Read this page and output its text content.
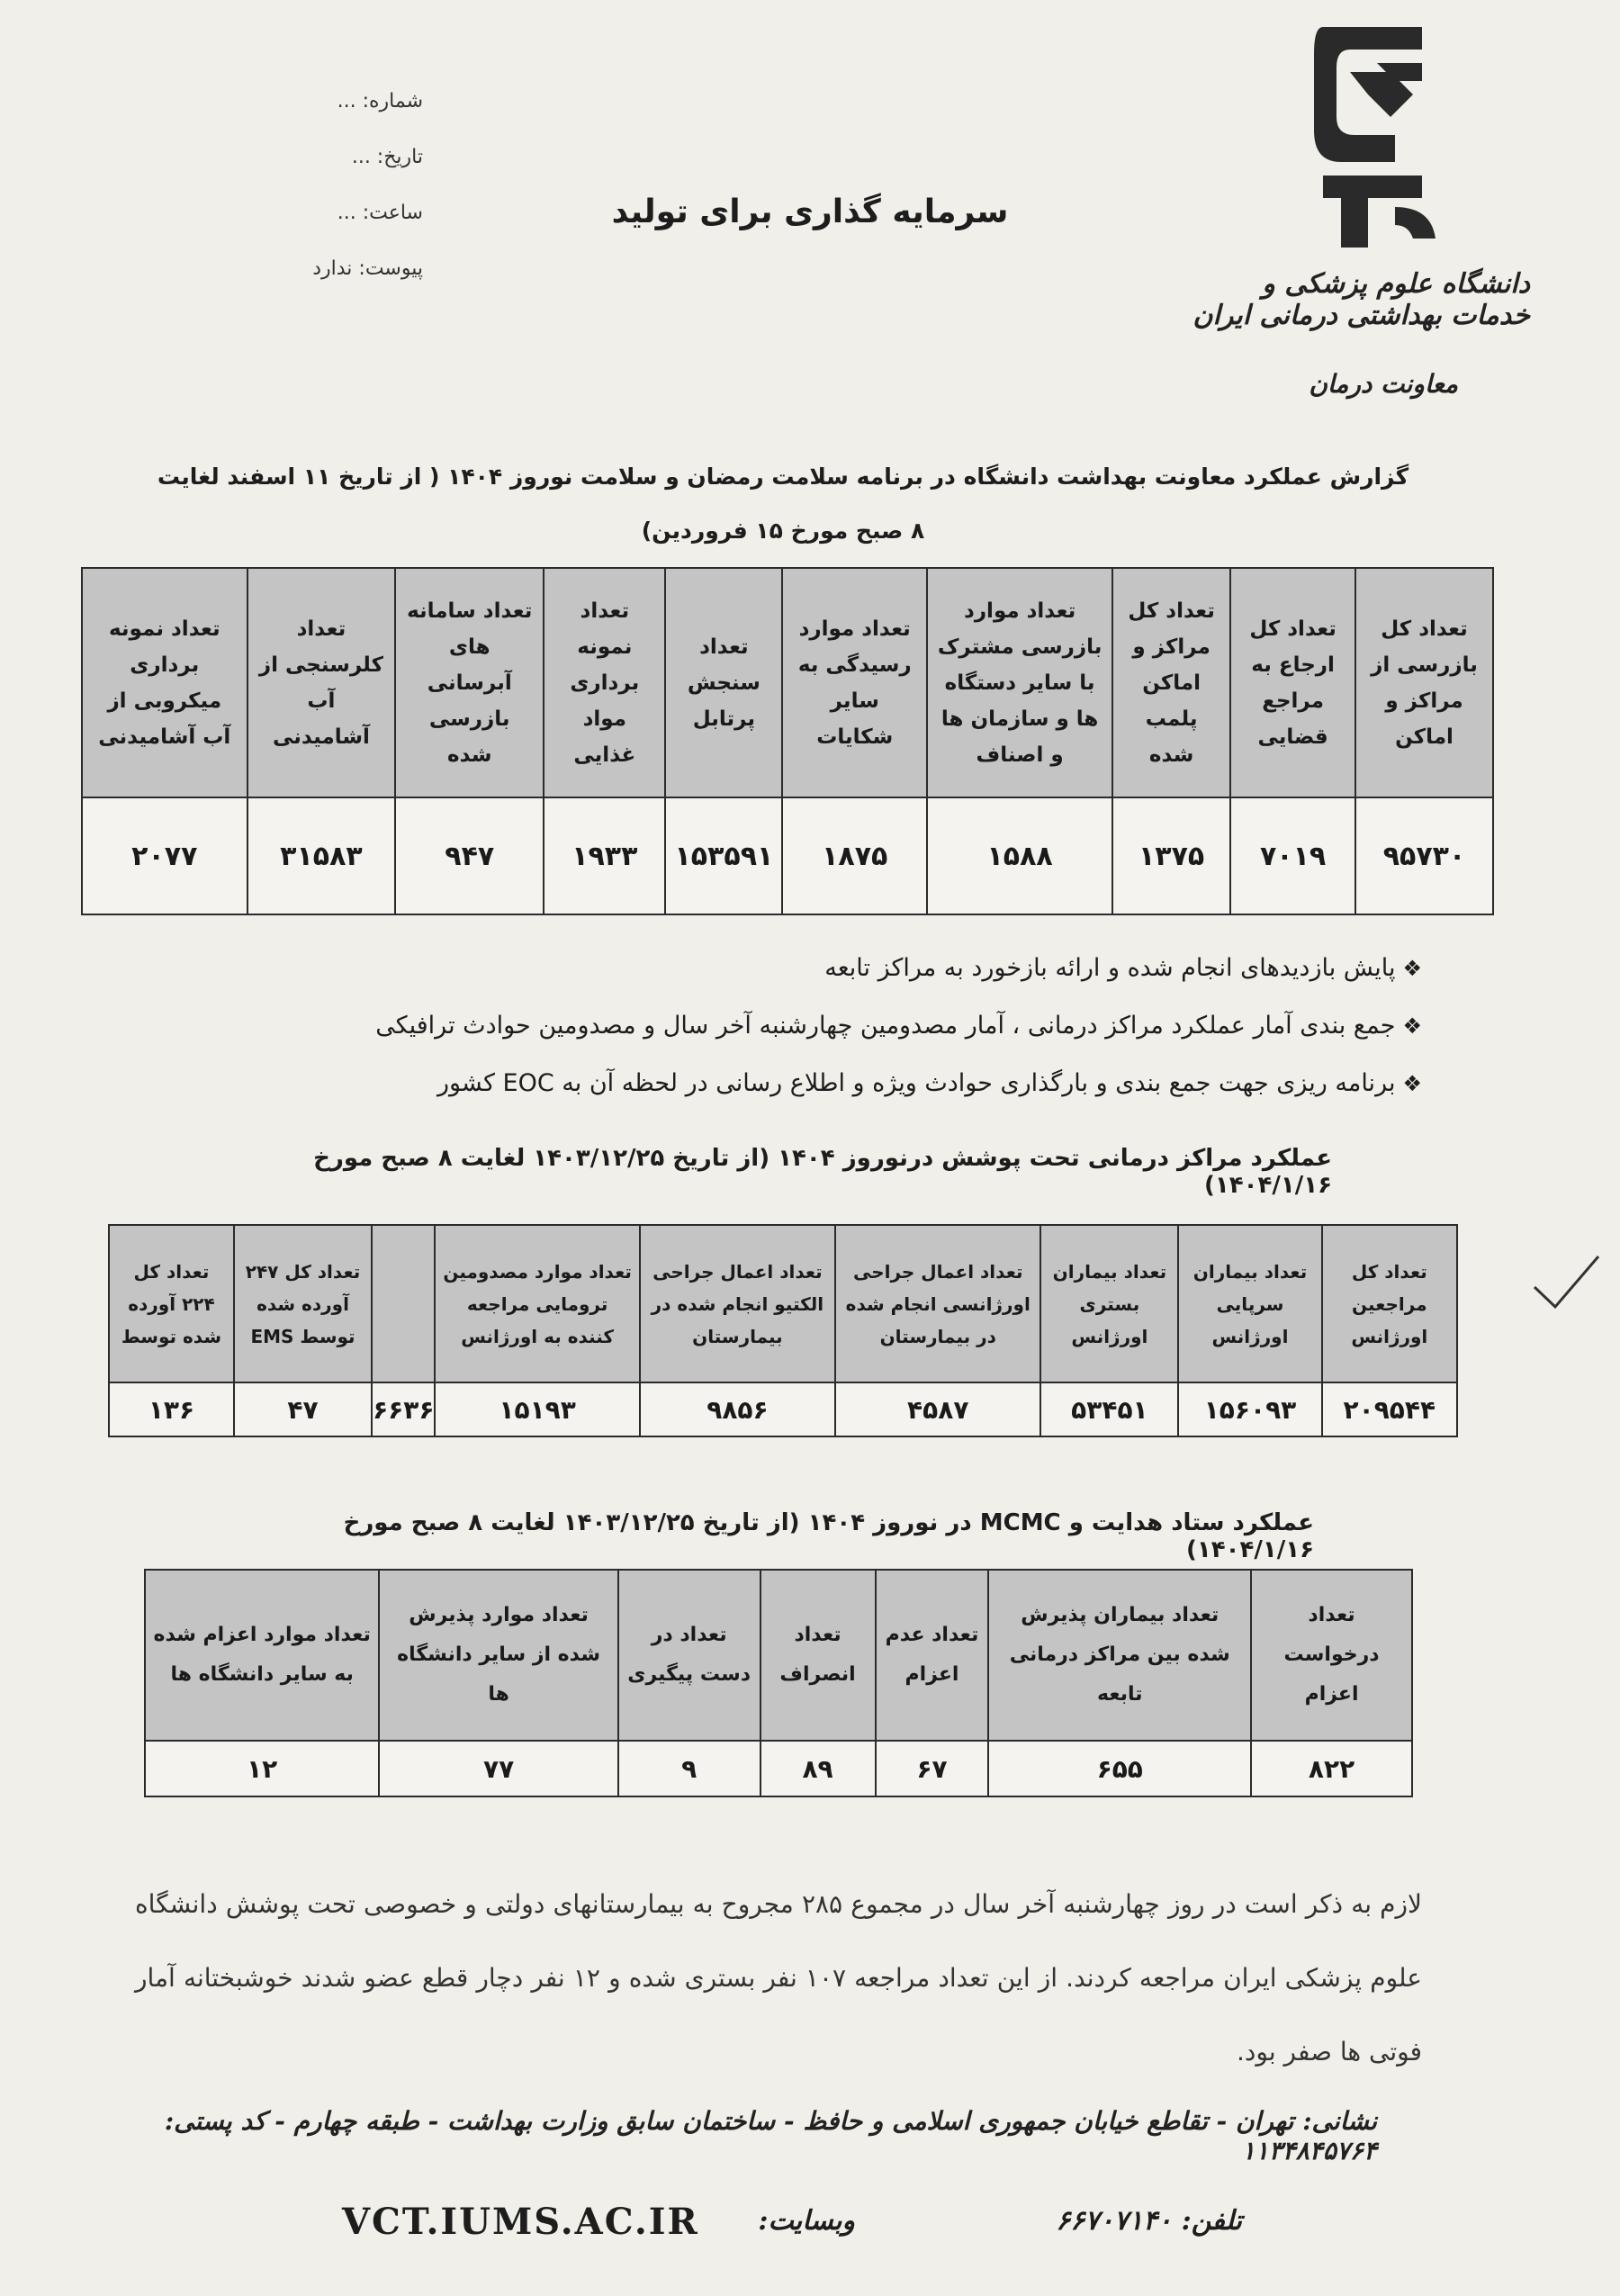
دانشگاه علوم پزشکی و خدمات بهداشتی درمانی ایران
معاونت درمان
شماره: ...
تاریخ: ...
ساعت: ...
پیوست: ندارد
سرمایه گذاری برای تولید
گزارش عملکرد معاونت بهداشت دانشگاه در برنامه سلامت رمضان و سلامت نوروز ۱۴۰۴ ( از تاریخ ۱۱ اسفند لغایت ۸ صبح مورخ ۱۵ فروردین)
تعداد کل بازرسی از مراکز و اماکن	تعداد کل ارجاع به مراجع قضایی	تعداد کل مراکز و اماکن پلمب شده	تعداد موارد بازرسی مشترک با سایر دستگاه ها و سازمان ها و اصناف	تعداد موارد رسیدگی به سایر شکایات	تعداد سنجش پرتابل	تعداد نمونه برداری مواد غذایی	تعداد سامانه های آبرسانی بازرسی شده	تعداد کلرسنجی از آب آشامیدنی	تعداد نمونه برداری میکروبی از آب آشامیدنی
۹۵۷۳۰	۷۰۱۹	۱۳۷۵	۱۵۸۸	۱۸۷۵	۱۵۳۵۹۱	۱۹۳۳	۹۴۷	۳۱۵۸۳	۲۰۷۷
❖پایش بازدیدهای انجام شده و ارائه بازخورد به مراکز تابعه
❖جمع بندی آمار عملکرد مراکز درمانی ، آمار مصدومین چهارشنبه آخر سال و مصدومین حوادث ترافیکی
❖برنامه ریزی جهت جمع بندی و بارگذاری حوادث ویژه و اطلاع رسانی در لحظه آن به EOC کشور
عملکرد مراکز درمانی تحت پوشش درنوروز ۱۴۰۴ (از تاریخ ۱۴۰۳/۱۲/۲۵ لغایت ۸ صبح مورخ ۱۴۰۴/۱/۱۶)
تعداد کل مراجعین اورژانس	تعداد بیماران سرپایی اورژانس	تعداد بیماران بستری اورژانس	تعداد اعمال جراحی اورژانسی انجام شده در بیمارستان	تعداد اعمال جراحی الکتیو انجام شده در بیمارستان	تعداد موارد مصدومین ترومایی مراجعه کننده به اورژانس		تعداد کل ۲۴۷ آورده شده توسط EMS	تعداد کل ۲۲۴ آورده شده توسط
۲۰۹۵۴۴	۱۵۶۰۹۳	۵۳۴۵۱	۴۵۸۷	۹۸۵۶	۱۵۱۹۳	۶۶۳۶	۴۷	۱۳۶
عملکرد ستاد هدایت و MCMC در نوروز ۱۴۰۴ (از تاریخ ۱۴۰۳/۱۲/۲۵ لغایت ۸ صبح مورخ ۱۴۰۴/۱/۱۶)
تعداد درخواست اعزام	تعداد بیماران پذیرش شده بین مراکز درمانی تابعه	تعداد عدم اعزام	تعداد انصراف	تعداد در دست پیگیری	تعداد موارد پذیرش شده از سایر دانشگاه ها	تعداد موارد اعزام شده به سایر دانشگاه ها
۸۲۲	۶۵۵	۶۷	۸۹	۹	۷۷	۱۲
لازم به ذکر است در روز چهارشنبه آخر سال در مجموع ۲۸۵ مجروح به بیمارستانهای دولتی و خصوصی تحت پوشش دانشگاه علوم پزشکی ایران مراجعه کردند. از این تعداد مراجعه ۱۰۷ نفر بستری شده و ۱۲ نفر دچار قطع عضو شدند خوشبختانه آمار فوتی ها صفر بود.
نشانی: تهران - تقاطع خیابان جمهوری اسلامی و حافظ - ساختمان سابق وزارت بهداشت - طبقه چهارم - کد پستی: ۱۱۳۴۸۴۵۷۶۴
تلفن: ۶۶۷۰۷۱۴۰
وبسایت:
VCT.IUMS.AC.IR
